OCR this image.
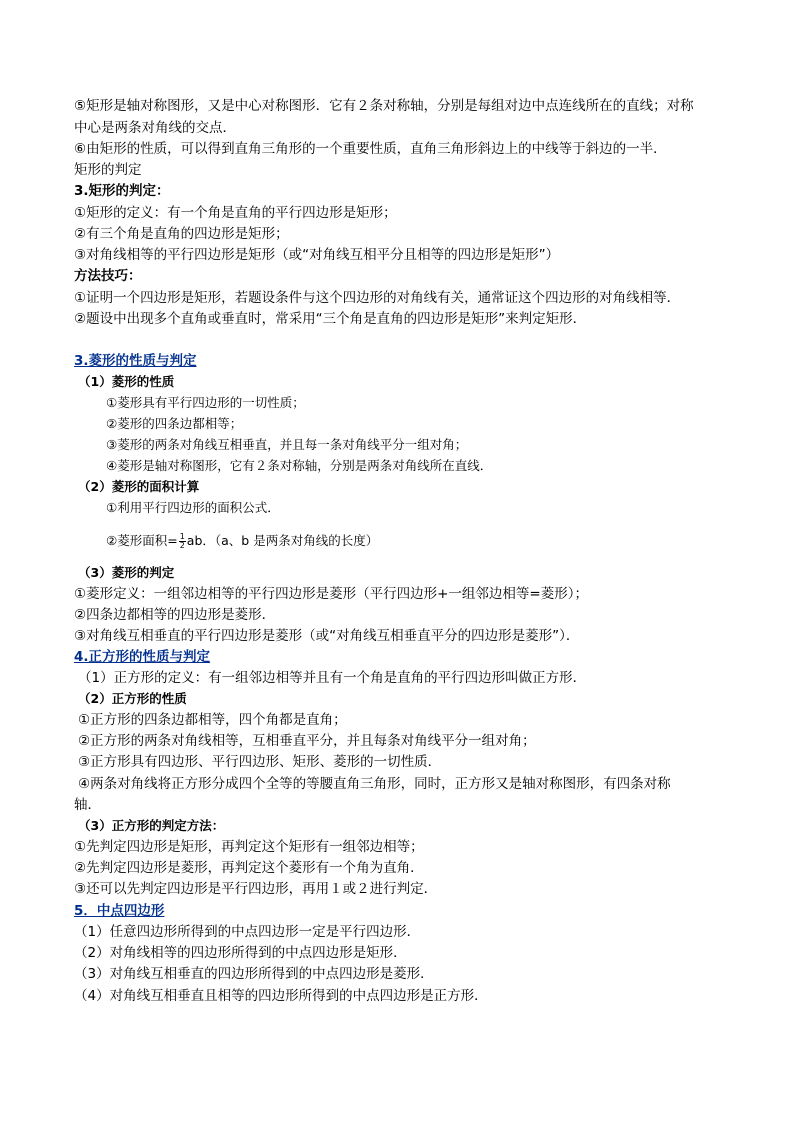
⑤矩形是轴对称图形，又是中心对称图形．它有２条对称轴，分别是每组对边中点连线所在的直线；对称
中心是两条对角线的交点．
⑥由矩形的性质，可以得到直角三角形的一个重要性质，直角三角形斜边上的中线等于斜边的一半．
矩形的判定
3.矩形的判定：
①矩形的定义：有一个角是直角的平行四边形是矩形；
②有三个角是直角的四边形是矩形；
③对角线相等的平行四边形是矩形（或“对角线互相平分且相等的四边形是矩形”）
方法技巧：
①证明一个四边形是矩形，若题设条件与这个四边形的对角线有关，通常证这个四边形的对角线相等．
②题设中出现多个直角或垂直时，常采用“三个角是直角的四边形是矩形”来判定矩形．
3.菱形的性质与判定
（1）菱形的性质
①菱形具有平行四边形的一切性质；
②菱形的四条边都相等；
③菱形的两条对角线互相垂直，并且每一条对角线平分一组对角；
④菱形是轴对称图形，它有２条对称轴，分别是两条对角线所在直线．
（2）菱形的面积计算
①利用平行四边形的面积公式．
②菱形面积= $\frac{1}{2}$ ab．（a、b 是两条对角线的长度）
（3）菱形的判定
①菱形定义：一组邻边相等的平行四边形是菱形（平行四边形+一组邻边相等=菱形）；
②四条边都相等的四边形是菱形．
③对角线互相垂直的平行四边形是菱形（或“对角线互相垂直平分的四边形是菱形”）．
4.正方形的性质与判定
（1）正方形的定义：有一组邻边相等并且有一个角是直角的平行四边形叫做正方形．
（2）正方形的性质
①正方形的四条边都相等，四个角都是直角；
②正方形的两条对角线相等，互相垂直平分，并且每条对角线平分一组对角；
③正方形具有四边形、平行四边形、矩形、菱形的一切性质．
④两条对角线将正方形分成四个全等的等腰直角三角形，同时，正方形又是轴对称图形，有四条对称
轴．
（3）正方形的判定方法：
①先判定四边形是矩形，再判定这个矩形有一组邻边相等；
②先判定四边形是菱形，再判定这个菱形有一个角为直角．
③还可以先判定四边形是平行四边形，再用１或２进行判定．
5．中点四边形
（1）任意四边形所得到的中点四边形一定是平行四边形．
（2）对角线相等的四边形所得到的中点四边形是矩形．
（3）对角线互相垂直的四边形所得到的中点四边形是菱形．
（4）对角线互相垂直且相等的四边形所得到的中点四边形是正方形．
